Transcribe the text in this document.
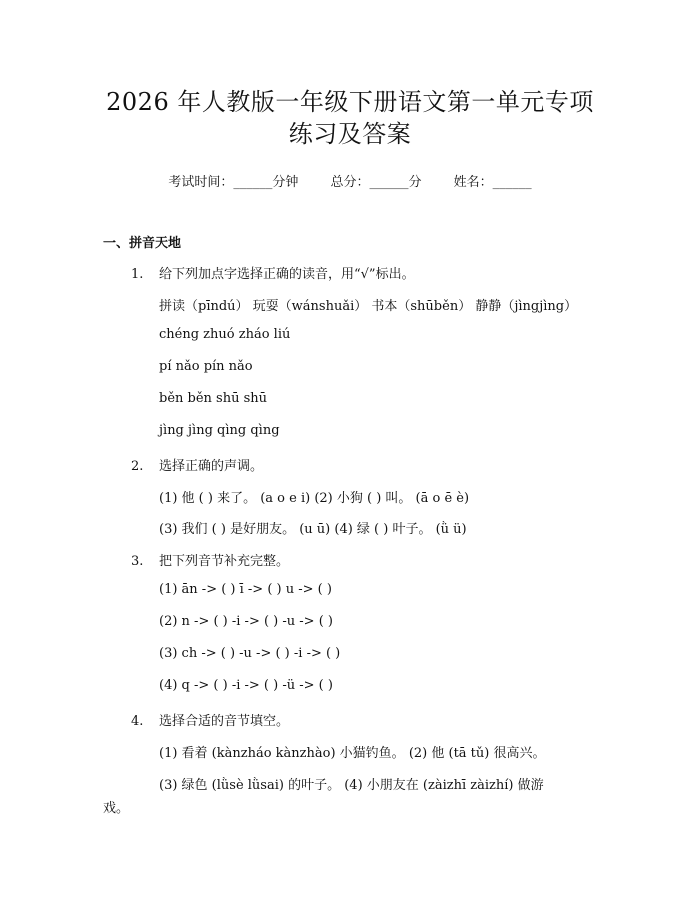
2026 年人教版一年级下册语文第一单元专项
练习及答案
考试时间：______分钟 总分：______分 姓名：______
一、拼音天地
1. 给下列加点字选择正确的读音，用“√”标出。
拼读（pīndú） 玩耍（wánshuǎi） 书本（shūběn） 静静（jìngjìng）
chéng zhuó zháo liú
pí nǎo pín nǎo
běn běn shū shū
jìng jìng qìng qìng
2. 选择正确的声调。
(1) 他 ( ) 来了。 (a o e i) (2) 小狗 ( ) 叫。 (ā o ē è)
(3) 我们 ( ) 是好朋友。 (u ū) (4) 绿 ( ) 叶子。 (ǜ ü)
3. 把下列音节补充完整。
(1) ān -> ( ) ī -> ( ) u -> ( )
(2) n -> ( ) -i -> ( ) -u -> ( )
(3) ch -> ( ) -u -> ( ) -i -> ( )
(4) q -> ( ) -i -> ( ) -ü -> ( )
4. 选择合适的音节填空。
(1) 看着 (kànzháo kànzhào) 小猫钓鱼。 (2) 他 (tā tǔ) 很高兴。
(3) 绿色 (lǜsè lǜsai) 的叶子。 (4) 小朋友在 (zàizhī zàizhí) 做游
戏。
